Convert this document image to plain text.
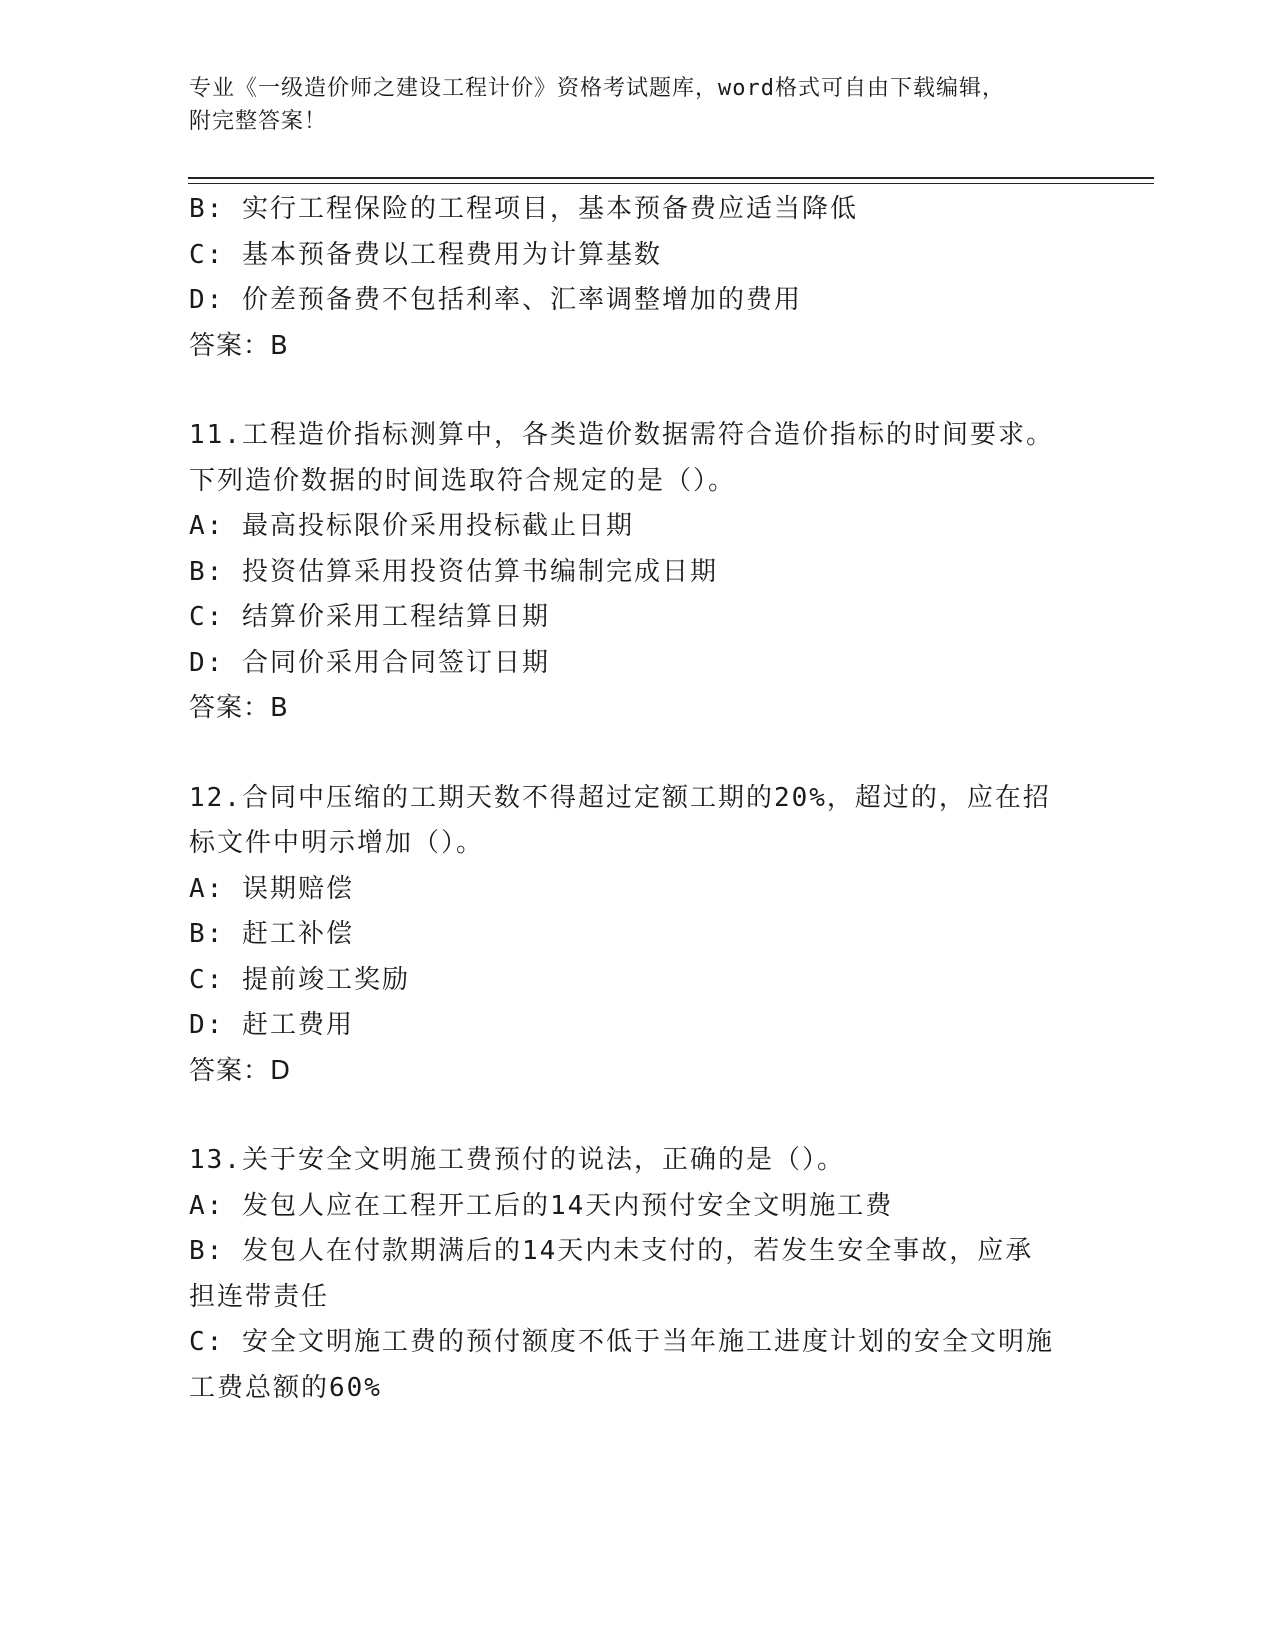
专业《一级造价师之建设工程计价》资格考试题库，word格式可自由下载编辑，
附完整答案！
B: 实行工程保险的工程项目，基本预备费应适当降低
C: 基本预备费以工程费用为计算基数
D: 价差预备费不包括利率、汇率调整增加的费用
答案：B
11.工程造价指标测算中，各类造价数据需符合造价指标的时间要求。
下列造价数据的时间选取符合规定的是（）。
A: 最高投标限价采用投标截止日期
B: 投资估算采用投资估算书编制完成日期
C: 结算价采用工程结算日期
D: 合同价采用合同签订日期
答案：B
12.合同中压缩的工期天数不得超过定额工期的20%，超过的，应在招
标文件中明示增加（）。
A: 误期赔偿
B: 赶工补偿
C: 提前竣工奖励
D: 赶工费用
答案：D
13.关于安全文明施工费预付的说法，正确的是（）。
A: 发包人应在工程开工后的14天内预付安全文明施工费
B: 发包人在付款期满后的14天内未支付的，若发生安全事故，应承
担连带责任
C: 安全文明施工费的预付额度不低于当年施工进度计划的安全文明施
工费总额的60%
